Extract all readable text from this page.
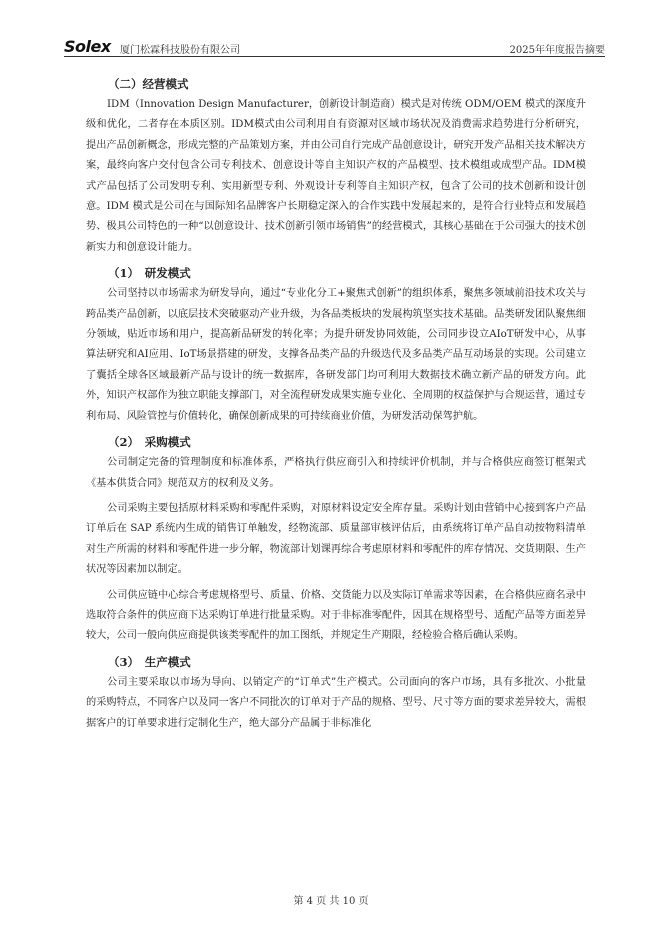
Solex 厦门松霖科技股份有限公司	2025年年度报告摘要
（二）经营模式

IDM（Innovation Design Manufacturer，创新设计制造商）模式是对传统 ODM/OEM 模式的深度升级和优化，二者存在本质区别。IDM模式由公司利用自有资源对区域市场状况及消费需求趋势进行分析研究，提出产品创新概念，形成完整的产品策划方案，并由公司自行完成产品创意设计，研究开发产品相关技术解决方案，最终向客户交付包含公司专利技术、创意设计等自主知识产权的产品模型、技术模组或成型产品。IDM模式产品包括了公司发明专利、实用新型专利、外观设计专利等自主知识产权，包含了公司的技术创新和设计创意。IDM 模式是公司在与国际知名品牌客户长期稳定深入的合作实践中发展起来的，是符合行业特点和发展趋势、极具公司特色的一种“以创意设计、技术创新引领市场销售”的经营模式，其核心基础在于公司强大的技术创新实力和创意设计能力。

（1）　研发模式

公司坚持以市场需求为研发导向，通过“专业化分工+聚焦式创新”的组织体系，聚焦多领域前沿技术攻关与跨品类产品创新，以底层技术突破驱动产业升级，为各品类板块的发展构筑坚实技术基础。品类研发团队聚焦细分领域，贴近市场和用户，提高新品研发的转化率；为提升研发协同效能，公司同步设立AIoT研发中心，从事算法研究和AI应用、IoT场景搭建的研发，支撑各品类产品的升级迭代及多品类产品互动场景的实现。公司建立了囊括全球各区域最新产品与设计的统一数据库，各研发部门均可利用大数据技术确立新产品的研发方向。此外，知识产权部作为独立职能支撑部门，对全流程研发成果实施专业化、全周期的权益保护与合规运营，通过专利布局、风险管控与价值转化，确保创新成果的可持续商业价值，为研发活动保驾护航。

（2）　采购模式

公司制定完备的管理制度和标准体系，严格执行供应商引入和持续评价机制，并与合格供应商签订框架式《基本供货合同》规范双方的权利及义务。

公司采购主要包括原材料采购和零配件采购，对原材料设定安全库存量。采购计划由营销中心接到客户产品订单后在 SAP 系统内生成的销售订单触发，经物流部、质量部审核评估后，由系统将订单产品自动按物料清单对生产所需的材料和零配件进一步分解，物流部计划课再综合考虑原材料和零配件的库存情况、交货期限、生产状况等因素加以制定。

公司供应链中心综合考虑规格型号、质量、价格、交货能力以及实际订单需求等因素，在合格供应商名录中选取符合条件的供应商下达采购订单进行批量采购。对于非标准零配件，因其在规格型号、适配产品等方面差异较大，公司一般向供应商提供该类零配件的加工图纸，并规定生产期限，经检验合格后确认采购。

（3）　生产模式

公司主要采取以市场为导向、以销定产的“订单式”生产模式。公司面向的客户市场，具有多批次、小批量的采购特点，不同客户以及同一客户不同批次的订单对于产品的规格、型号、尺寸等方面的要求差异较大，需根据客户的订单要求进行定制化生产，绝大部分产品属于非标准化

第 4 页 共 10 页
